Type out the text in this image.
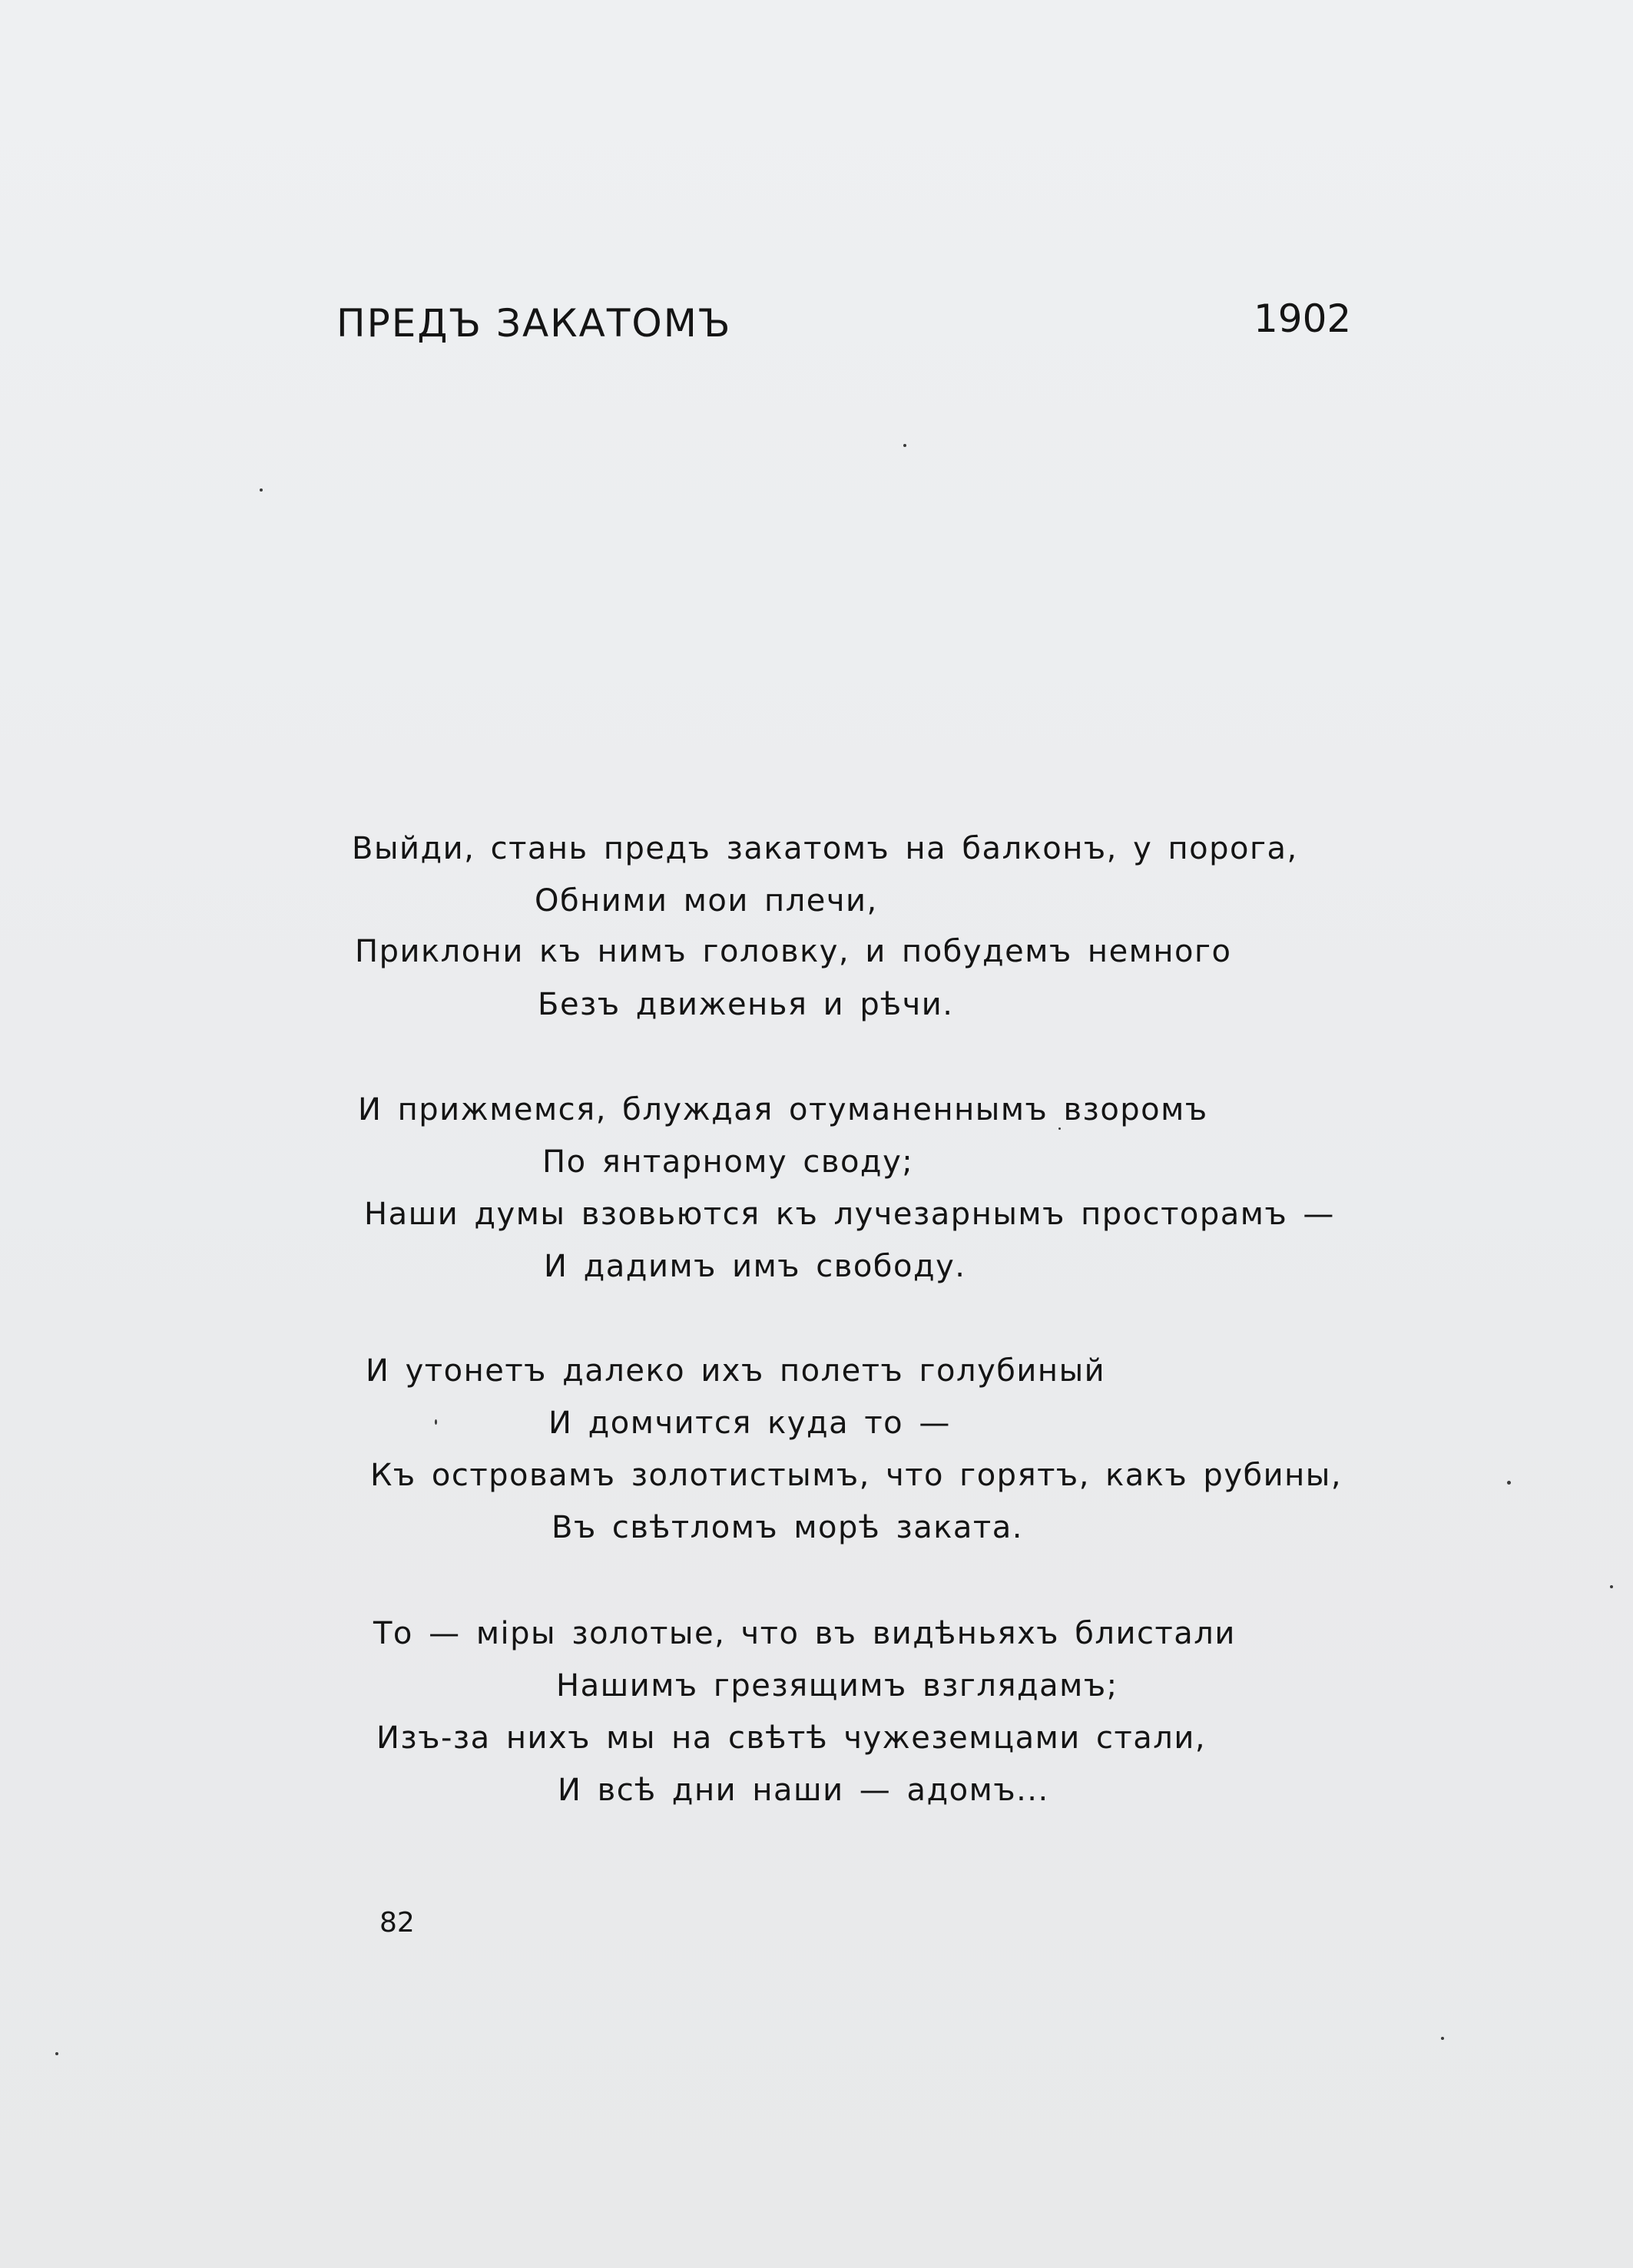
ПРЕДЪ ЗАКАТОМЪ	1902
Выйди, стань предъ закатомъ на балконъ, у порога,
Обними мои плечи,
Приклони къ нимъ головку, и побудемъ немного
Безъ движенья и рѣчи.
И прижмемся, блуждая отуманеннымъ взоромъ
По янтарному своду;
Наши думы взовьются къ лучезарнымъ просторамъ —
И дадимъ имъ свободу.
И утонетъ далеко ихъ полетъ голубиный
И домчится куда то —
Къ островамъ золотистымъ, что горятъ, какъ рубины,
Въ свѣтломъ морѣ заката.
То — міры золотые, что въ видѣньяхъ блистали
Нашимъ грезящимъ взглядамъ;
Изъ-за нихъ мы на свѣтѣ чужеземцами стали,
И всѣ дни наши — адомъ...
82
